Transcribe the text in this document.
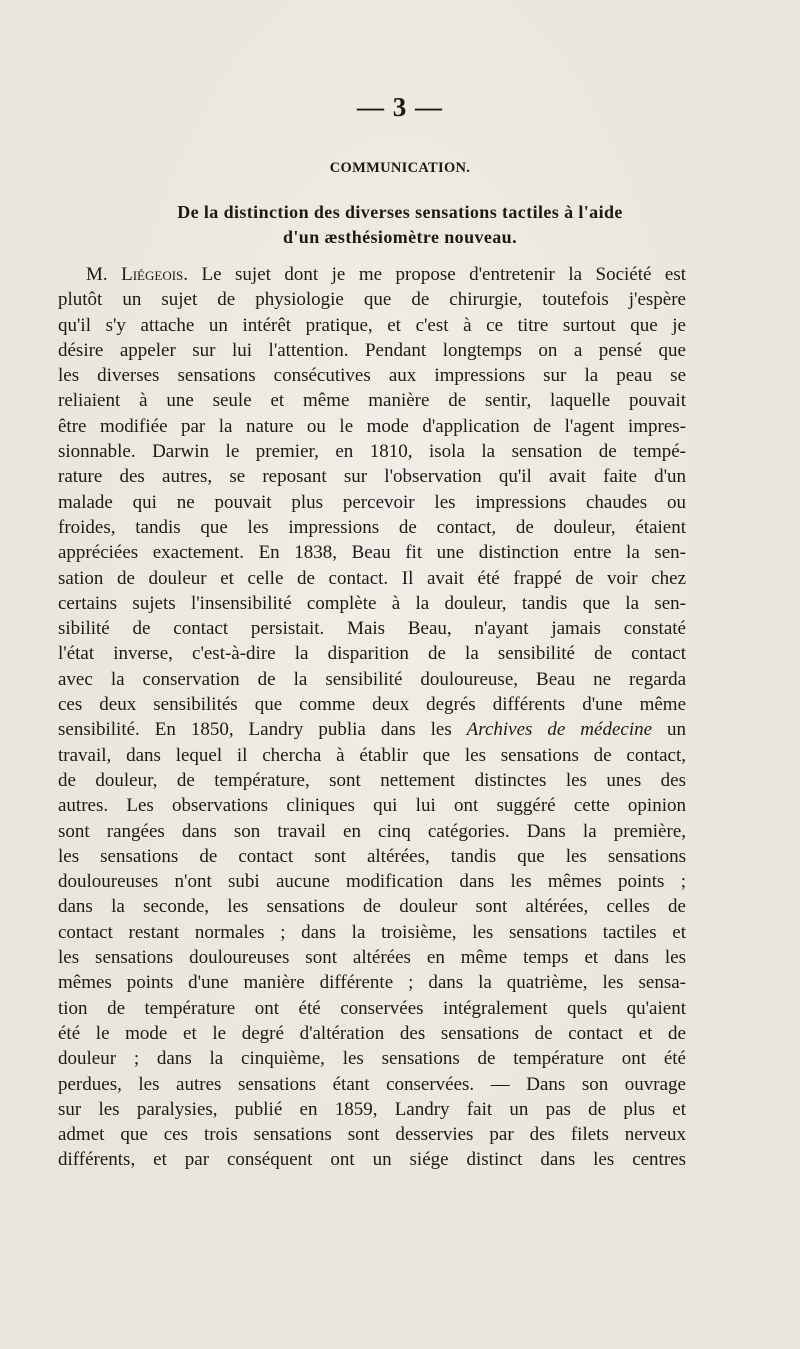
— 3 —
COMMUNICATION.
De la distinction des diverses sensations tactiles à l'aide
d'un æsthésiomètre nouveau.
M. Liégeois. Le sujet dont je me propose d'entretenir la Société est
plutôt un sujet de physiologie que de chirurgie, toutefois j'espère
qu'il s'y attache un intérêt pratique, et c'est à ce titre surtout que je
désire appeler sur lui l'attention. Pendant longtemps on a pensé que
les diverses sensations consécutives aux impressions sur la peau se
reliaient à une seule et même manière de sentir, laquelle pouvait
être modifiée par la nature ou le mode d'application de l'agent impres-
sionnable. Darwin le premier, en 1810, isola la sensation de tempé-
rature des autres, se reposant sur l'observation qu'il avait faite d'un
malade qui ne pouvait plus percevoir les impressions chaudes ou
froides, tandis que les impressions de contact, de douleur, étaient
appréciées exactement. En 1838, Beau fit une distinction entre la sen-
sation de douleur et celle de contact. Il avait été frappé de voir chez
certains sujets l'insensibilité complète à la douleur, tandis que la sen-
sibilité de contact persistait. Mais Beau, n'ayant jamais constaté
l'état inverse, c'est-à-dire la disparition de la sensibilité de contact
avec la conservation de la sensibilité douloureuse, Beau ne regarda
ces deux sensibilités que comme deux degrés différents d'une même
sensibilité. En 1850, Landry publia dans les Archives de médecine un
travail, dans lequel il chercha à établir que les sensations de contact,
de douleur, de température, sont nettement distinctes les unes des
autres. Les observations cliniques qui lui ont suggéré cette opinion
sont rangées dans son travail en cinq catégories. Dans la première,
les sensations de contact sont altérées, tandis que les sensations
douloureuses n'ont subi aucune modification dans les mêmes points ;
dans la seconde, les sensations de douleur sont altérées, celles de
contact restant normales ; dans la troisième, les sensations tactiles et
les sensations douloureuses sont altérées en même temps et dans les
mêmes points d'une manière différente ; dans la quatrième, les sensa-
tion de température ont été conservées intégralement quels qu'aient
été le mode et le degré d'altération des sensations de contact et de
douleur ; dans la cinquième, les sensations de température ont été
perdues, les autres sensations étant conservées. — Dans son ouvrage
sur les paralysies, publié en 1859, Landry fait un pas de plus et
admet que ces trois sensations sont desservies par des filets nerveux
différents, et par conséquent ont un siége distinct dans les centres
